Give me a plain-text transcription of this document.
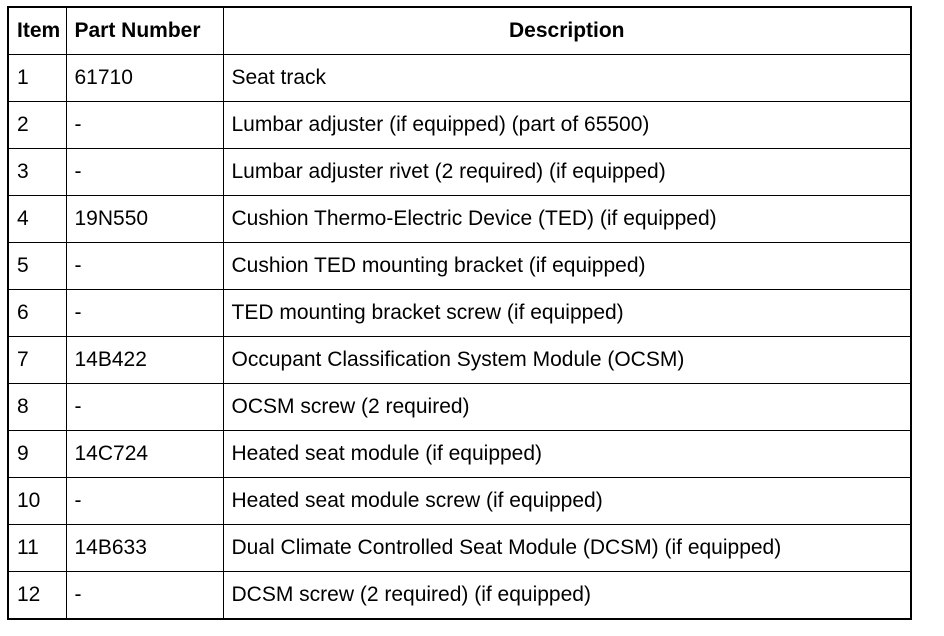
Item	Part Number	Description
1	61710	Seat track
2	-	Lumbar adjuster (if equipped) (part of 65500)
3	-	Lumbar adjuster rivet (2 required) (if equipped)
4	19N550	Cushion Thermo-Electric Device (TED) (if equipped)
5	-	Cushion TED mounting bracket (if equipped)
6	-	TED mounting bracket screw (if equipped)
7	14B422	Occupant Classification System Module (OCSM)
8	-	OCSM screw (2 required)
9	14C724	Heated seat module (if equipped)
10	-	Heated seat module screw (if equipped)
11	14B633	Dual Climate Controlled Seat Module (DCSM) (if equipped)
12	-	DCSM screw (2 required) (if equipped)
